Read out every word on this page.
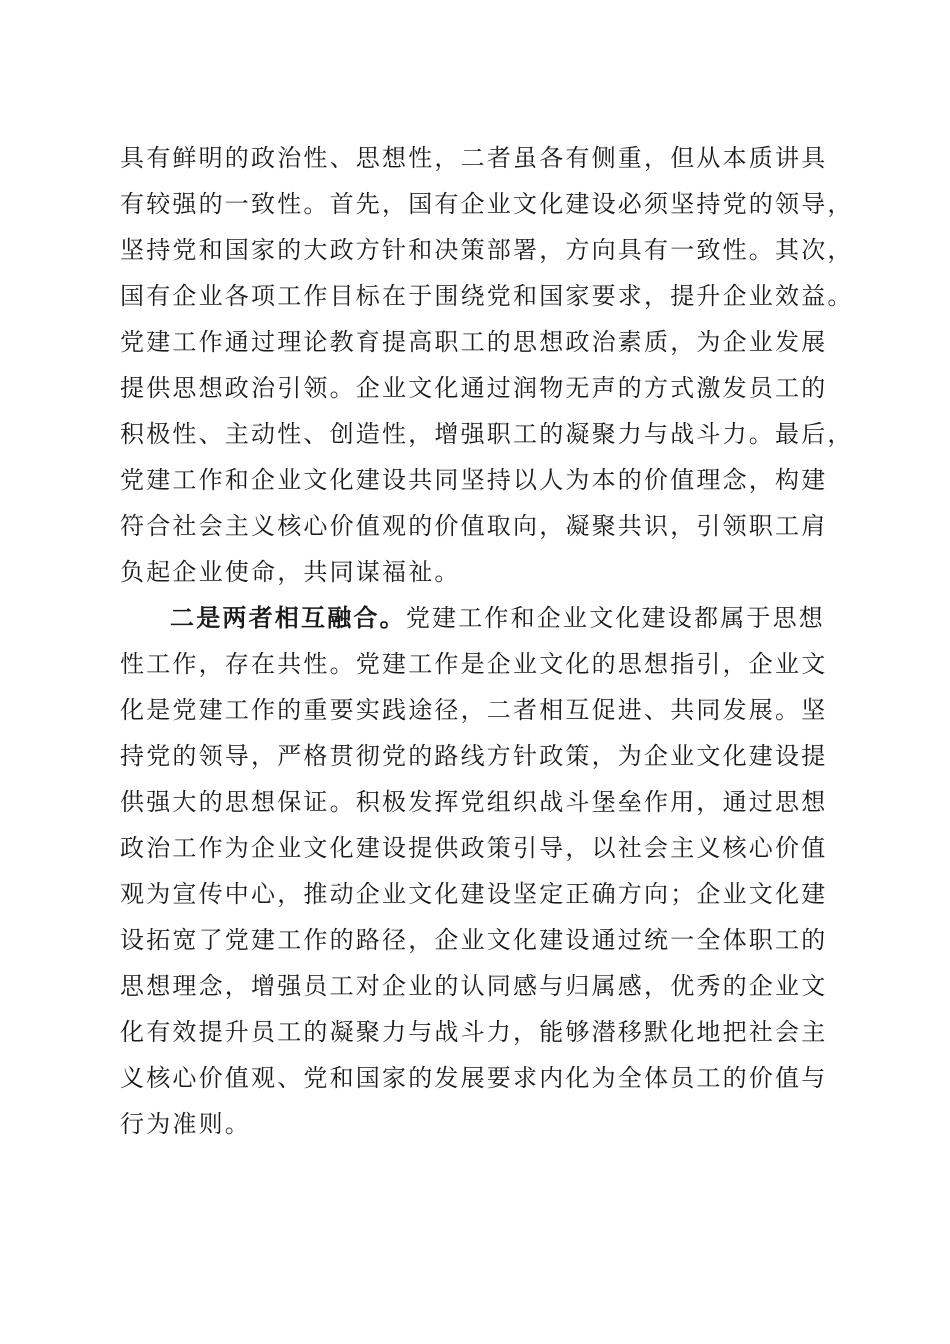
具有鲜明的政治性、思想性，二者虽各有侧重，但从本质讲具
有较强的一致性。首先，国有企业文化建设必须坚持党的领导，
坚持党和国家的大政方针和决策部署，方向具有一致性。其次，
国有企业各项工作目标在于围绕党和国家要求，提升企业效益。
党建工作通过理论教育提高职工的思想政治素质，为企业发展
提供思想政治引领。企业文化通过润物无声的方式激发员工的
积极性、主动性、创造性，增强职工的凝聚力与战斗力。最后，
党建工作和企业文化建设共同坚持以人为本的价值理念，构建
符合社会主义核心价值观的价值取向，凝聚共识，引领职工肩
负起企业使命，共同谋福祉。
二是两者相互融合。党建工作和企业文化建设都属于思想
性工作，存在共性。党建工作是企业文化的思想指引，企业文
化是党建工作的重要实践途径，二者相互促进、共同发展。坚
持党的领导，严格贯彻党的路线方针政策，为企业文化建设提
供强大的思想保证。积极发挥党组织战斗堡垒作用，通过思想
政治工作为企业文化建设提供政策引导，以社会主义核心价值
观为宣传中心，推动企业文化建设坚定正确方向；企业文化建
设拓宽了党建工作的路径，企业文化建设通过统一全体职工的
思想理念，增强员工对企业的认同感与归属感，优秀的企业文
化有效提升员工的凝聚力与战斗力，能够潜移默化地把社会主
义核心价值观、党和国家的发展要求内化为全体员工的价值与
行为准则。
